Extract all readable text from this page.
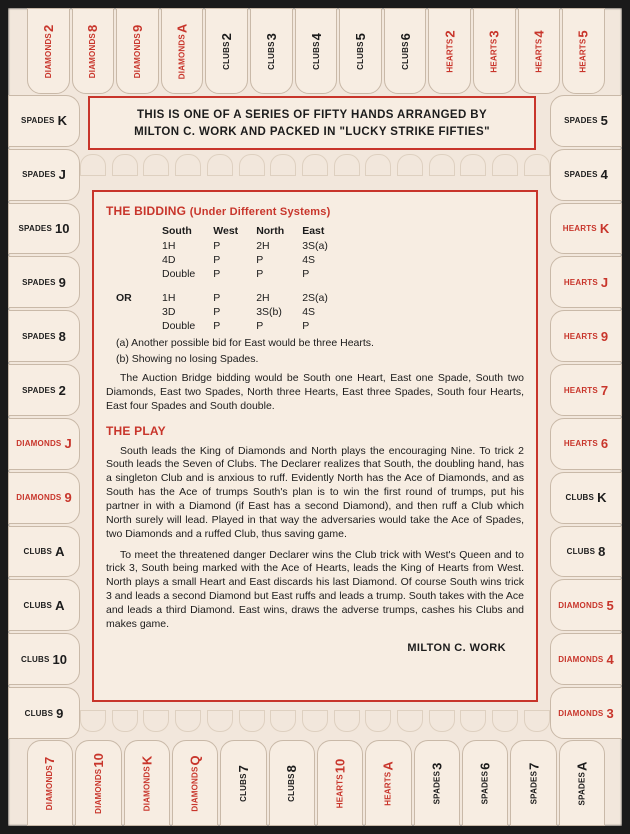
2
DIAMONDS
8
DIAMONDS
9
DIAMONDS
A
DIAMONDS	2
CLUBS
3
CLUBS
4
CLUBS
5
CLUBS
6
CLUBS
2
HEARTS
3
HEARTS
4
HEARTS
5
HEARTS
SPADES K
SPADES J
SPADES 10
SPADES 9
SPADES 8
SPADES 2
DIAMONDS J
DIAMONDS 9
CLUBS A
CLUBS A
CLUBS 10
CLUBS 9
SPADES 5
SPADES 4
HEARTS K
HEARTS J
HEARTS 9
HEARTS 7
HEARTS 6
CLUBS K
CLUBS 8
DIAMONDS 5
DIAMONDS 4
DIAMONDS 3
7
DIAMONDS
10
DIAMONDS
K
DIAMONDS
Q
DIAMONDS	7
CLUBS
8
CLUBS
10
HEARTS
A
HEARTS
3
SPADES
6
SPADES
7
SPADES
A
SPADES
THIS IS ONE OF A SERIES OF FIFTY HANDS ARRANGED BY
MILTON C. WORK AND PACKED IN "LUCKY STRIKE FIFTIES"
THE BIDDING (Under Different Systems)
	South	West	North	East
	1H	P	2H	3S(a)
	4D	P	P	4S
	Double	P	P	P

OR	1H	P	2H	2S(a)
	3D	P	3S(b)	4S
	Double	P	P	P

(a) Another possible bid for East would be three Hearts.

(b) Showing no losing Spades.

The Auction Bridge bidding would be South one Heart, East one Spade, South two Diamonds, East two Spades, North three Hearts, East three Spades, South four Hearts, East four Spades and South double.

THE PLAY

South leads the King of Diamonds and North plays the encouraging Nine. To trick 2 South leads the Seven of Clubs. The Declarer realizes that South, the doubling hand, has a singleton Club and is anxious to ruff. Evidently North has the Ace of Diamonds, and as South has the Ace of trumps South's plan is to win the first round of trumps, put his partner in with a Diamond (if East has a second Diamond), and then ruff a Club which North surely will lead. Played in that way the adversaries would take the Ace of Spades, two Diamonds and a ruffed Club, thus saving game.

To meet the threatened danger Declarer wins the Club trick with West's Queen and to trick 3, South being marked with the Ace of Hearts, leads the King of Hearts from West. North plays a small Heart and East discards his last Diamond. Of course South wins trick 3 and leads a second Diamond but East ruffs and leads a trump. South takes with the Ace and leads a third Diamond. East wins, draws the adverse trumps, cashes his Clubs and makes game.

MILTON C. WORK
